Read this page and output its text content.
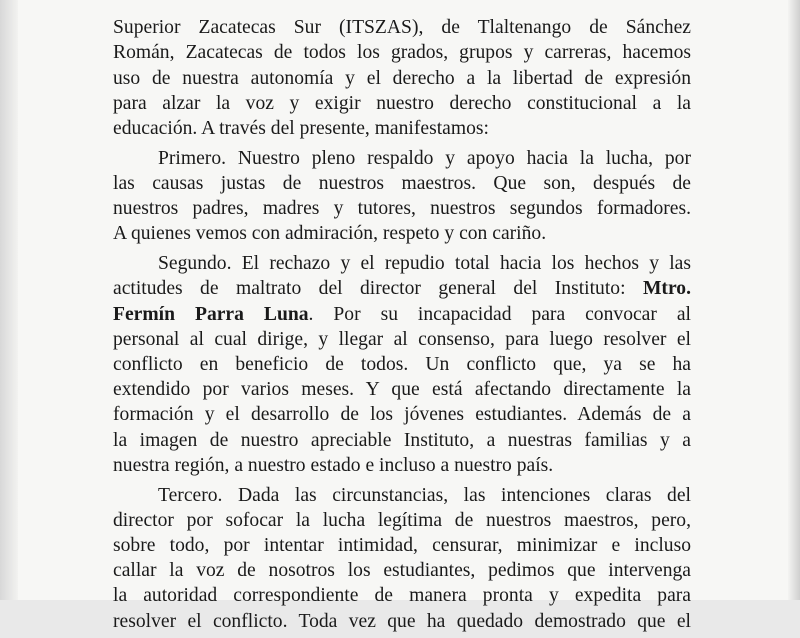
Superior Zacatecas Sur (ITSZAS), de Tlaltenango de Sánchez
Román, Zacatecas de todos los grados, grupos y carreras, hacemos
uso de nuestra autonomía y el derecho a la libertad de expresión
para alzar la voz y exigir nuestro derecho constitucional a la
educación. A través del presente, manifestamos:
Primero. Nuestro pleno respaldo y apoyo hacia la lucha, por
las causas justas de nuestros maestros. Que son, después de
nuestros padres, madres y tutores, nuestros segundos formadores.
A quienes vemos con admiración, respeto y con cariño.
Segundo. El rechazo y el repudio total hacia los hechos y las
actitudes de maltrato del director general del Instituto: Mtro.
Fermín Parra Luna. Por su incapacidad para convocar al
personal al cual dirige, y llegar al consenso, para luego resolver el
conflicto en beneficio de todos. Un conflicto que, ya se ha
extendido por varios meses. Y que está afectando directamente la
formación y el desarrollo de los jóvenes estudiantes. Además de a
la imagen de nuestro apreciable Instituto, a nuestras familias y a
nuestra región, a nuestro estado e incluso a nuestro país.
Tercero. Dada las circunstancias, las intenciones claras del
director por sofocar la lucha legítima de nuestros maestros, pero,
sobre todo, por intentar intimidad, censurar, minimizar e incluso
callar la voz de nosotros los estudiantes, pedimos que intervenga
la autoridad correspondiente de manera pronta y expedita para
resolver el conflicto. Toda vez que ha quedado demostrado que el
